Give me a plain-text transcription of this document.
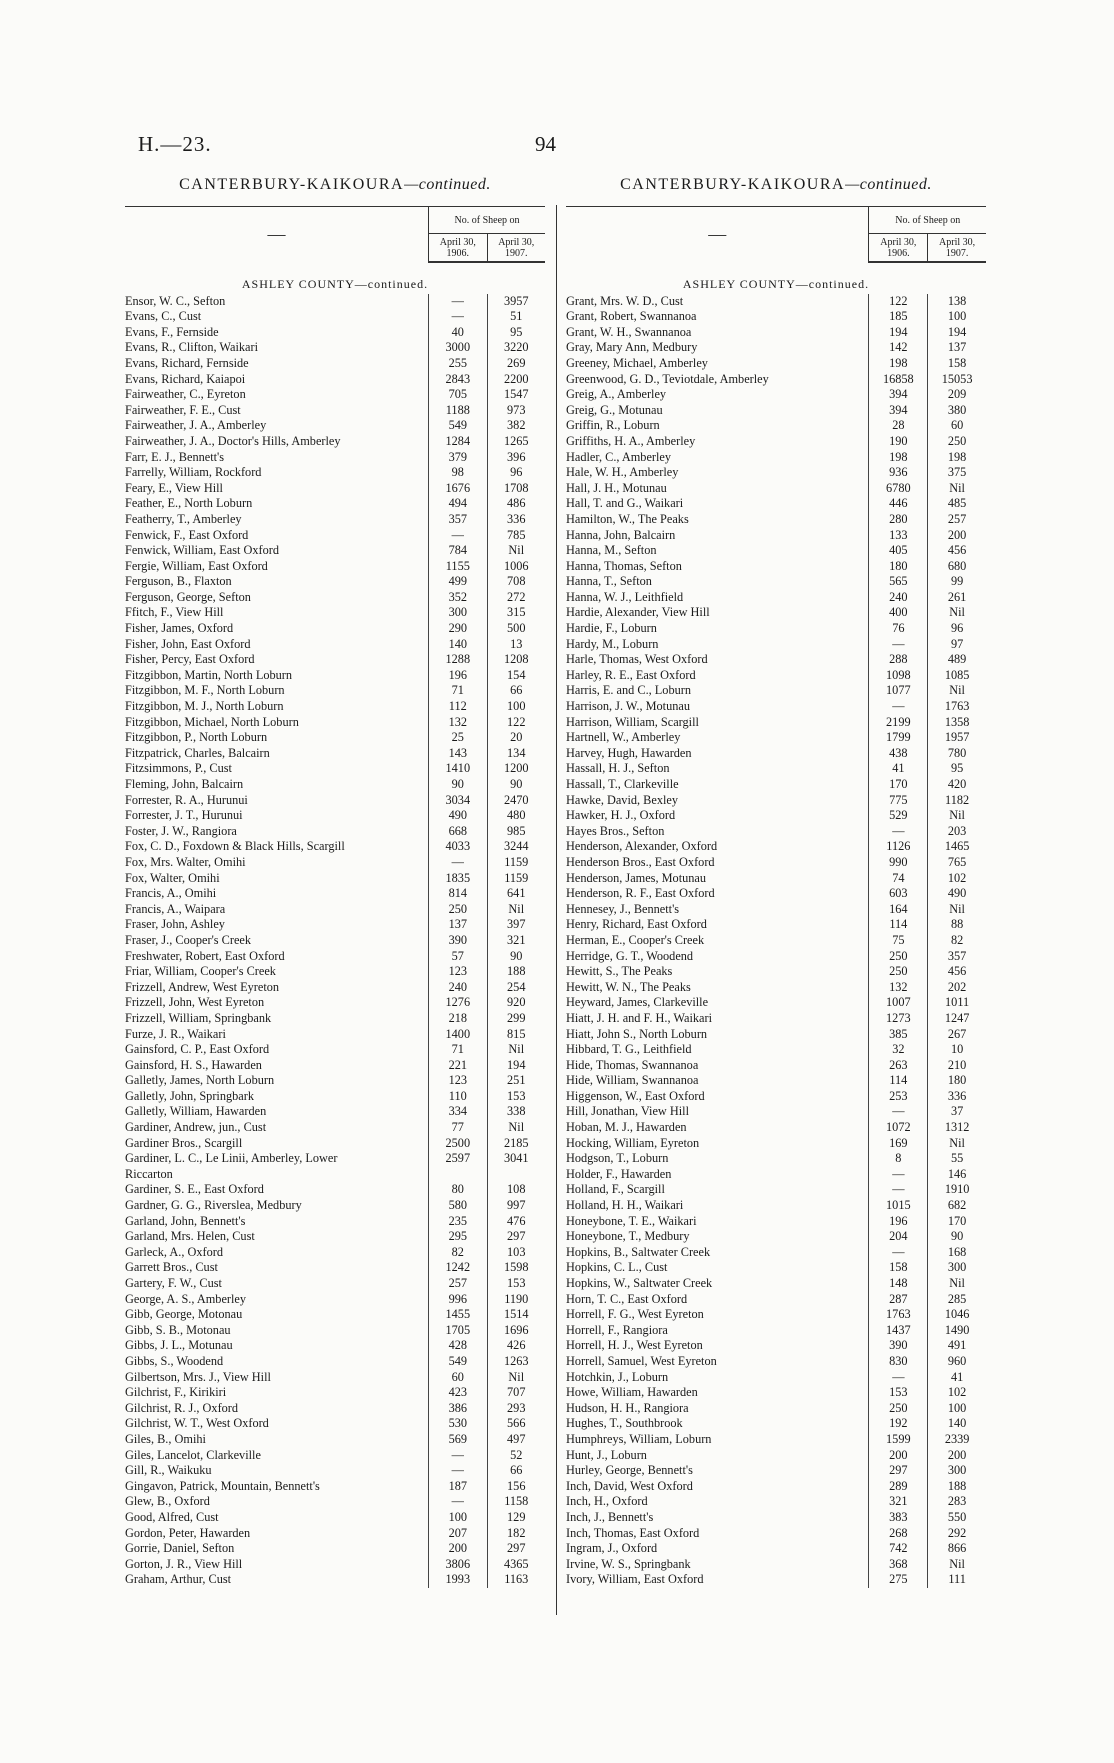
H.—23.	94
CANTERBURY-KAIKOURA—continued.
—	No. of Sheep on	
	April 30, 1906.	April 30, 1907.
ASHLEY COUNTY—continued.		
Ensor, W. C., Sefton	—	3957
Evans, C., Cust	—	51
Evans, F., Fernside	40	95
Evans, R., Clifton, Waikari	3000	3220
Evans, Richard, Fernside	255	269
Evans, Richard, Kaiapoi	2843	2200
Fairweather, C., Eyreton	705	1547
Fairweather, F. E., Cust	1188	973
Fairweather, J. A., Amberley	549	382
Fairweather, J. A., Doctor's Hills, Amberley	1284	1265
Farr, E. J., Bennett's	379	396
Farrelly, William, Rockford	98	96
Feary, E., View Hill	1676	1708
Feather, E., North Loburn	494	486
Featherry, T., Amberley	357	336
Fenwick, F., East Oxford	—	785
Fenwick, William, East Oxford	784	Nil
Fergie, William, East Oxford	1155	1006
Ferguson, B., Flaxton	499	708
Ferguson, George, Sefton	352	272
Ffitch, F., View Hill	300	315
Fisher, James, Oxford	290	500
Fisher, John, East Oxford	140	13
Fisher, Percy, East Oxford	1288	1208
Fitzgibbon, Martin, North Loburn	196	154
Fitzgibbon, M. F., North Loburn	71	66
Fitzgibbon, M. J., North Loburn	112	100
Fitzgibbon, Michael, North Loburn	132	122
Fitzgibbon, P., North Loburn	25	20
Fitzpatrick, Charles, Balcairn	143	134
Fitzsimmons, P., Cust	1410	1200
Fleming, John, Balcairn	90	90
Forrester, R. A., Hurunui	3034	2470
Forrester, J. T., Hurunui	490	480
Foster, J. W., Rangiora	668	985
Fox, C. D., Foxdown & Black Hills, Scargill	4033	3244
Fox, Mrs. Walter, Omihi	—	1159
Fox, Walter, Omihi	1835	1159
Francis, A., Omihi	814	641
Francis, A., Waipara	250	Nil
Fraser, John, Ashley	137	397
Fraser, J., Cooper's Creek	390	321
Freshwater, Robert, East Oxford	57	90
Friar, William, Cooper's Creek	123	188
Frizzell, Andrew, West Eyreton	240	254
Frizzell, John, West Eyreton	1276	920
Frizzell, William, Springbank	218	299
Furze, J. R., Waikari	1400	815
Gainsford, C. P., East Oxford	71	Nil
Gainsford, H. S., Hawarden	221	194
Galletly, James, North Loburn	123	251
Galletly, John, Springbark	110	153
Galletly, William, Hawarden	334	338
Gardiner, Andrew, jun., Cust	77	Nil
Gardiner Bros., Scargill	2500	2185
Gardiner, L. C., Le Linii, Amberley, Lower	2597	3041
Riccarton		
Gardiner, S. E., East Oxford	80	108
Gardner, G. G., Riverslea, Medbury	580	997
Garland, John, Bennett's	235	476
Garland, Mrs. Helen, Cust	295	297
Garleck, A., Oxford	82	103
Garrett Bros., Cust	1242	1598
Gartery, F. W., Cust	257	153
George, A. S., Amberley	996	1190
Gibb, George, Motonau	1455	1514
Gibb, S. B., Motonau	1705	1696
Gibbs, J. L., Motunau	428	426
Gibbs, S., Woodend	549	1263
Gilbertson, Mrs. J., View Hill	60	Nil
Gilchrist, F., Kirikiri	423	707
Gilchrist, R. J., Oxford	386	293
Gilchrist, W. T., West Oxford	530	566
Giles, B., Omihi	569	497
Giles, Lancelot, Clarkeville	—	52
Gill, R., Waikuku	—	66
Gingavon, Patrick, Mountain, Bennett's	187	156
Glew, B., Oxford	—	1158
Good, Alfred, Cust	100	129
Gordon, Peter, Hawarden	207	182
Gorrie, Daniel, Sefton	200	297
Gorton, J. R., View Hill	3806	4365
Graham, Arthur, Cust	1993	1163
CANTERBURY-KAIKOURA—continued.
—	No. of Sheep on	
	April 30, 1906.	April 30, 1907.
ASHLEY COUNTY—continued.		
Grant, Mrs. W. D., Cust	122	138
Grant, Robert, Swannanoa	185	100
Grant, W. H., Swannanoa	194	194
Gray, Mary Ann, Medbury	142	137
Greeney, Michael, Amberley	198	158
Greenwood, G. D., Teviotdale, Amberley	16858	15053
Greig, A., Amberley	394	209
Greig, G., Motunau	394	380
Griffin, R., Loburn	28	60
Griffiths, H. A., Amberley	190	250
Hadler, C., Amberley	198	198
Hale, W. H., Amberley	936	375
Hall, J. H., Motunau	6780	Nil
Hall, T. and G., Waikari	446	485
Hamilton, W., The Peaks	280	257
Hanna, John, Balcairn	133	200
Hanna, M., Sefton	405	456
Hanna, Thomas, Sefton	180	680
Hanna, T., Sefton	565	99
Hanna, W. J., Leithfield	240	261
Hardie, Alexander, View Hill	400	Nil
Hardie, F., Loburn	76	96
Hardy, M., Loburn	—	97
Harle, Thomas, West Oxford	288	489
Harley, R. E., East Oxford	1098	1085
Harris, E. and C., Loburn	1077	Nil
Harrison, J. W., Motunau	—	1763
Harrison, William, Scargill	2199	1358
Hartnell, W., Amberley	1799	1957
Harvey, Hugh, Hawarden	438	780
Hassall, H. J., Sefton	41	95
Hassall, T., Clarkeville	170	420
Hawke, David, Bexley	775	1182
Hawker, H. J., Oxford	529	Nil
Hayes Bros., Sefton	—	203
Henderson, Alexander, Oxford	1126	1465
Henderson Bros., East Oxford	990	765
Henderson, James, Motunau	74	102
Henderson, R. F., East Oxford	603	490
Hennesey, J., Bennett's	164	Nil
Henry, Richard, East Oxford	114	88
Herman, E., Cooper's Creek	75	82
Herridge, G. T., Woodend	250	357
Hewitt, S., The Peaks	250	456
Hewitt, W. N., The Peaks	132	202
Heyward, James, Clarkeville	1007	1011
Hiatt, J. H. and F. H., Waikari	1273	1247
Hiatt, John S., North Loburn	385	267
Hibbard, T. G., Leithfield	32	10
Hide, Thomas, Swannanoa	263	210
Hide, William, Swannanoa	114	180
Higgenson, W., East Oxford	253	336
Hill, Jonathan, View Hill	—	37
Hoban, M. J., Hawarden	1072	1312
Hocking, William, Eyreton	169	Nil
Hodgson, T., Loburn	8	55
Holder, F., Hawarden	—	146
Holland, F., Scargill	—	1910
Holland, H. H., Waikari	1015	682
Honeybone, T. E., Waikari	196	170
Honeybone, T., Medbury	204	90
Hopkins, B., Saltwater Creek	—	168
Hopkins, C. L., Cust	158	300
Hopkins, W., Saltwater Creek	148	Nil
Horn, T. C., East Oxford	287	285
Horrell, F. G., West Eyreton	1763	1046
Horrell, F., Rangiora	1437	1490
Horrell, H. J., West Eyreton	390	491
Horrell, Samuel, West Eyreton	830	960
Hotchkin, J., Loburn	—	41
Howe, William, Hawarden	153	102
Hudson, H. H., Rangiora	250	100
Hughes, T., Southbrook	192	140
Humphreys, William, Loburn	1599	2339
Hunt, J., Loburn	200	200
Hurley, George, Bennett's	297	300
Inch, David, West Oxford	289	188
Inch, H., Oxford	321	283
Inch, J., Bennett's	383	550
Inch, Thomas, East Oxford	268	292
Ingram, J., Oxford	742	866
Irvine, W. S., Springbank	368	Nil
Ivory, William, East Oxford	275	111
